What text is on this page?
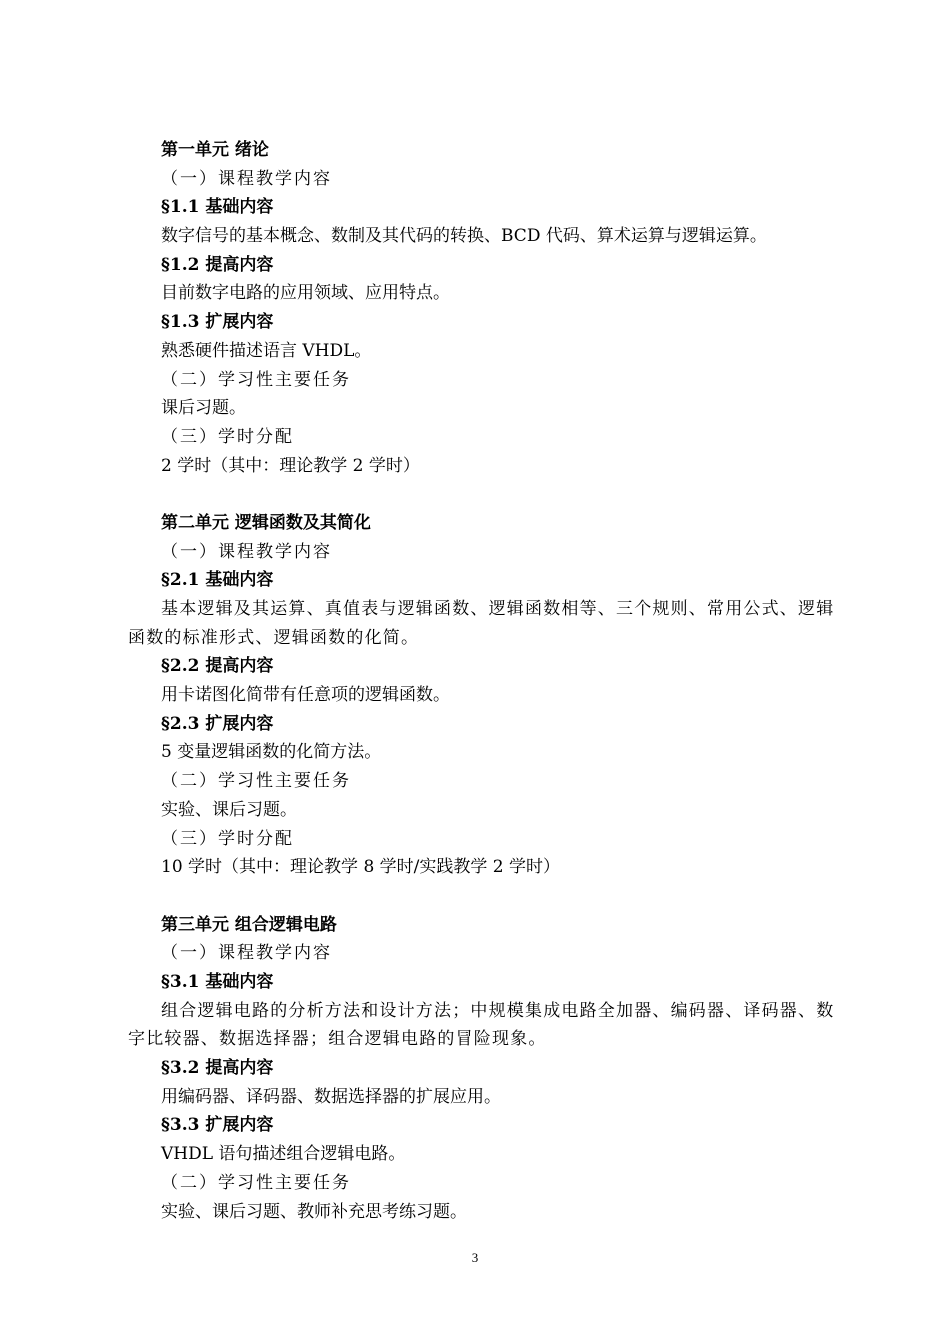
第一单元 绪论
（一）课程教学内容
§1.1 基础内容
数字信号的基本概念、数制及其代码的转换、BCD 代码、算术运算与逻辑运算。
§1.2 提高内容
目前数字电路的应用领域、应用特点。
§1.3 扩展内容
熟悉硬件描述语言 VHDL。
（二）学习性主要任务
课后习题。
（三）学时分配
2 学时（其中：理论教学 2 学时）
第二单元 逻辑函数及其简化
（一）课程教学内容
§2.1 基础内容
基本逻辑及其运算、真值表与逻辑函数、逻辑函数相等、三个规则、常用公式、逻辑函数的标准形式、逻辑函数的化简。
§2.2 提高内容
用卡诺图化简带有任意项的逻辑函数。
§2.3 扩展内容
5 变量逻辑函数的化简方法。
（二）学习性主要任务
实验、课后习题。
（三）学时分配
10 学时（其中：理论教学 8 学时/实践教学 2 学时）
第三单元 组合逻辑电路
（一）课程教学内容
§3.1 基础内容
组合逻辑电路的分析方法和设计方法；中规模集成电路全加器、编码器、译码器、数字比较器、数据选择器；组合逻辑电路的冒险现象。
§3.2 提高内容
用编码器、译码器、数据选择器的扩展应用。
§3.3 扩展内容
VHDL 语句描述组合逻辑电路。
（二）学习性主要任务
实验、课后习题、教师补充思考练习题。
3
